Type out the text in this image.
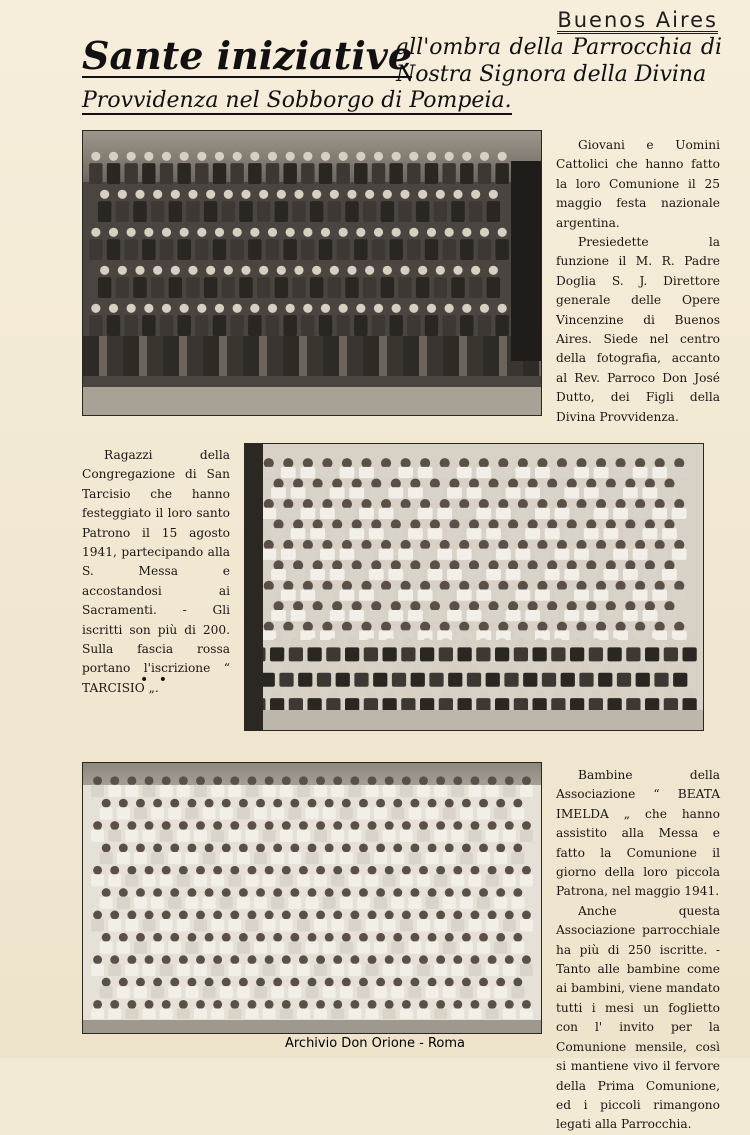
Buenos Aires
Sante iniziative
all'ombra della Parrocchia di Nostra Signora della Divina
Provvidenza nel Sobborgo di Pompeia.

Giovani e Uomini Cattolici che hanno fatto la loro Comunione il 25 maggio festa nazionale argentina.

Presiedette la funzione il M. R. Padre Doglia S. J. Direttore generale delle Opere Vincenzine di Buenos Aires. Siede nel centro della fotografia, accanto al Rev. Parroco Don José Dutto, dei Figli della Divina Provvidenza.

Ragazzi della Congregazione di San Tarcisio che hanno festeggiato il loro santo Patrono il 15 agosto 1941, partecipando alla S. Messa e accostandosi ai Sacramenti. - Gli iscritti son più di 200. Sulla fascia rossa portano l'iscrizione “ TARCISIO „.

• •

Bambine della Associazione “ BEATA IMELDA „ che hanno assistito alla Messa e fatto la Comunione il giorno della loro piccola Patrona, nel maggio 1941.

Anche questa Associazione parrocchiale ha più di 250 iscritte. - Tanto alle bambine come ai bambini, viene mandato tutti i mesi un foglietto con l' invito per la Comunione mensile, così si mantiene vivo il fervore della Prima Comunione, ed i piccoli rimangono legati alla Parrocchia.

Archivio Don Orione - Roma
